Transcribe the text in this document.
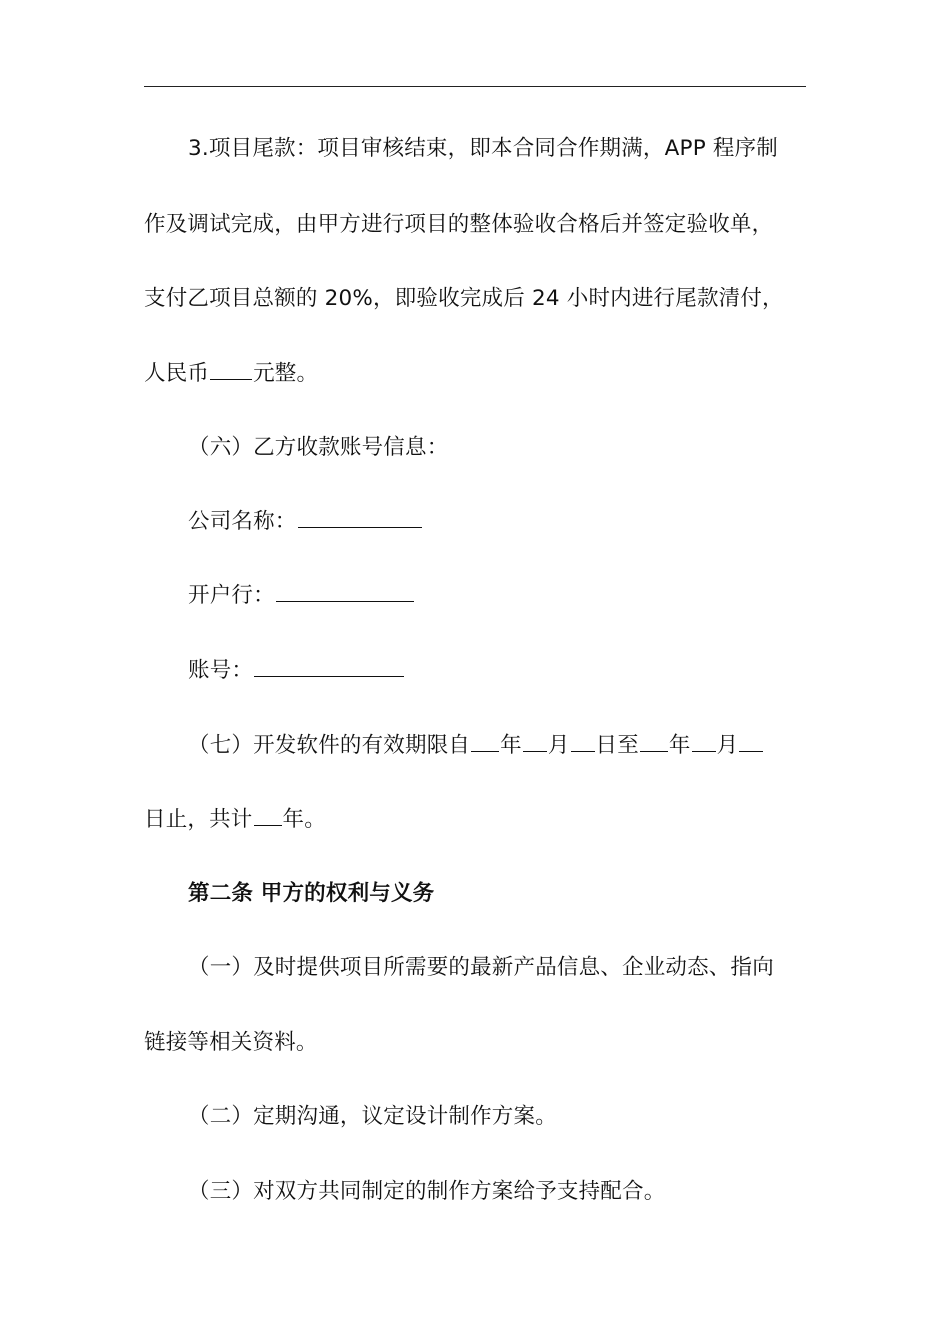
3.项目尾款：项目审核结束，即本合同合作期满，APP 程序制
作及调试完成，由甲方进行项目的整体验收合格后并签定验收单，
支付乙项目总额的 20%，即验收完成后 24 小时内进行尾款清付，
人民币 元整。
（六）乙方收款账号信息：
公司名称：
开户行：
账号：
（七）开发软件的有效期限自 年 月 日至 年 月
日止，共计 年。
第二条 甲方的权利与义务
（一）及时提供项目所需要的最新产品信息、企业动态、指向
链接等相关资料。
（二）定期沟通，议定设计制作方案。
（三）对双方共同制定的制作方案给予支持配合。
